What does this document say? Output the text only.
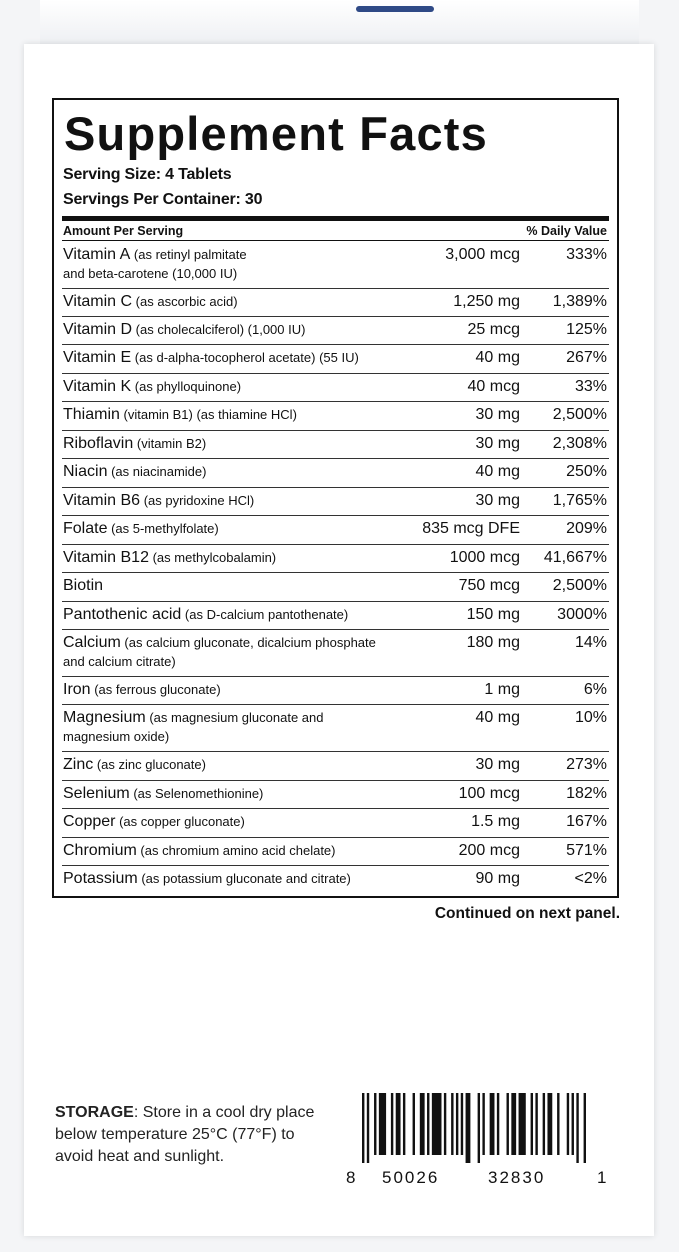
Supplement Facts
Serving Size: 4 Tablets
Servings Per Container: 30
Amount Per Serving	% Daily Value
Vitamin A (as retinyl palmitate
and beta-carotene (10,000 IU)
3,000 mcg	333%
Vitamin C (as ascorbic acid)	1,250 mg 1,389%
Vitamin D (as cholecalciferol) (1,000 IU)	25 mcg	125%
Vitamin E (as d-alpha-tocopherol acetate) (55 IU)	40 mg	267%
Vitamin K (as phylloquinone)	40 mcg	33%
Thiamin (vitamin B1) (as thiamine HCl)	30 mg 2,500%
Riboflavin (vitamin B2)	30 mg 2,308%
Niacin (as niacinamide)	40 mg	250%
Vitamin B6 (as pyridoxine HCl)	30 mg 1,765%
Folate (as 5-methylfolate)	835 mcg DFE	209%
Vitamin B12 (as methylcobalamin)	1000 mcg 41,667%
Biotin	750 mcg 2,500%
Pantothenic acid (as D-calcium pantothenate)	150 mg 3000%
Calcium (as calcium gluconate, dicalcium phosphate
and calcium citrate)
180 mg	14%
Iron (as ferrous gluconate)	1 mg	6%
Magnesium (as magnesium gluconate and
magnesium oxide)
40 mg	10%
Zinc (as zinc gluconate)	30 mg	273%
Selenium (as Selenomethionine)	100 mcg	182%
Copper (as copper gluconate)	1.5 mg	167%
Chromium (as chromium amino acid chelate)	200 mcg	571%
Potassium (as potassium gluconate and citrate)	90 mg	<2%
Continued on next panel.
STORAGE: Store in a cool dry place below temperature 25°C (77°F) to avoid heat and sunlight.
8 50026	32830	1
